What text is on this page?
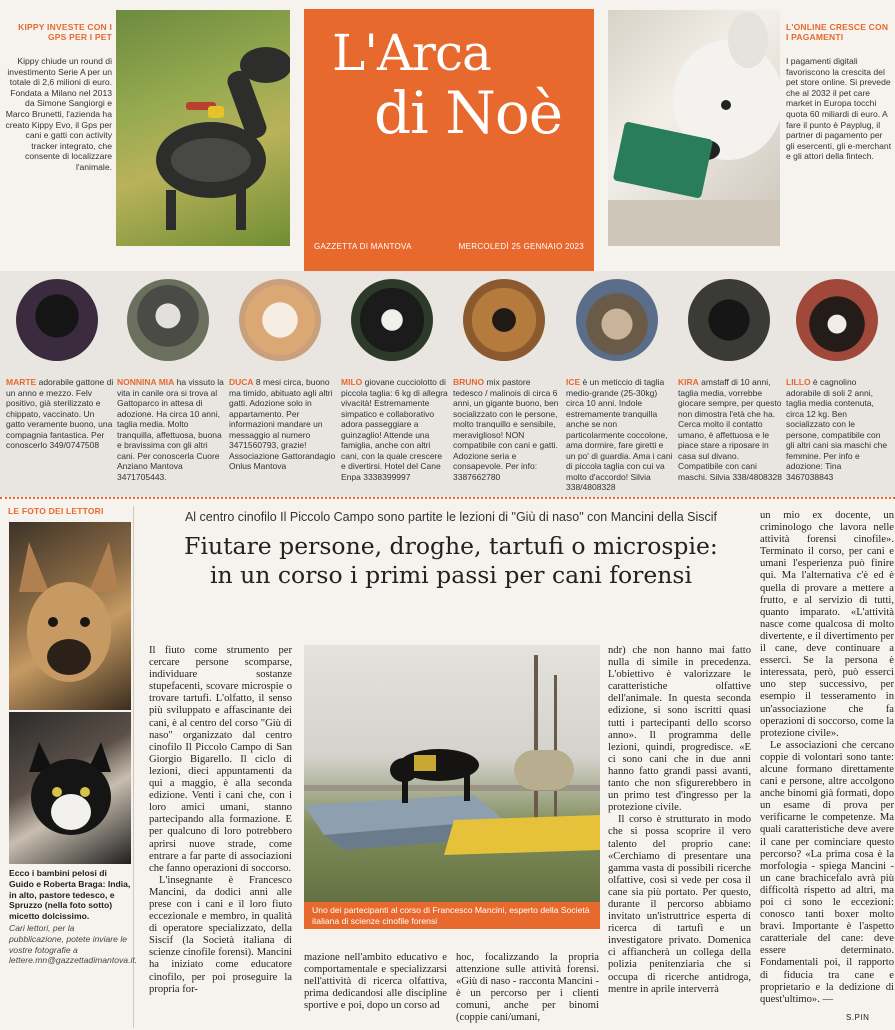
KIPPY INVESTE CON I GPS PER I PET
Kippy chiude un round di investimento Serie A per un totale di 2,6 milioni di euro. Fondata a Milano nel 2013 da Simone Sangiorgi e Marco Brunetti, l'azienda ha creato Kippy Evo, il Gps per cani e gatti con activity tracker integrato, che consente di localizzare l'animale.
L'Arca
di Noè
GAZZETTA DI MANTOVA	MERCOLEDÌ 25 GENNAIO 2023
L'ONLINE CRESCE CON I PAGAMENTI
I pagamenti digitali favoriscono la crescita del pet store online. Si prevede che al 2032 il pet care market in Europa tocchi quota 60 miliardi di euro. A fare il punto è Payplug, il partner di pagamento per gli esercenti, gli e-merchant e gli attori della fintech.
MARTE adorabile gattone di un anno e mezzo. Felv positivo, già sterilizzato e chippato, vaccinato. Un gatto veramente buono, una compagnia fantastica. Per conoscerlo 349/0747508
NONNINA MIA ha vissuto la vita in canile ora si trova al Gattoparco in attesa di adozione. Ha circa 10 anni, taglia media. Molto tranquilla, affettuosa, buona e bravissima con gli altri cani. Per conoscerla Cuore Anziano Mantova 3471705443.
DUCA 8 mesi circa, buono ma timido, abituato agli altri gatti. Adozione solo in appartamento. Per informazioni mandare un messaggio al numero 3471560793, grazie! Associazione Gattorandagio Onlus Mantova
MILO giovane cucciolotto di piccola taglia: 6 kg di allegra vivacità! Estremamente simpatico e collaborativo adora passeggiare a guinzaglio! Attende una famiglia, anche con altri cani, con la quale crescere e divertirsi. Hotel del Cane Enpa 3338399997
BRUNO mix pastore tedesco / malinois di circa 6 anni, un gigante buono, ben socializzato con le persone, molto tranquillo e sensibile, meraviglioso! NON compatibile con cani e gatti. Adozione seria e consapevole. Per info: 3387662780
ICE è un meticcio di taglia medio-grande (25-30kg) circa 10 anni. Indole estremamente tranquilla anche se non particolarmente coccolone, ama dormire, fare giretti e un po' di guardia. Ama i cani di piccola taglia con cui va molto d'accordo! Silvia 338/4808328
KIRA amstaff di 10 anni, taglia media, vorrebbe giocare sempre, per questo non dimostra l'età che ha. Cerca molto il contatto umano, è affettuosa e le piace stare a riposare in casa sul divano. Compatibile con cani maschi. Silvia 338/4808328
LILLO è cagnolino adorabile di soli 2 anni, taglia media contenuta, circa 12 kg. Ben socializzato con le persone, compatibile con gli altri cani sia maschi che femmine. Per info e adozione: Tina 3467038843
LE FOTO DEI LETTORI
Ecco i bambini pelosi di Guido e Roberta Braga: India, in alto, pastore tedesco, e Spruzzo (nella foto sotto) micetto dolcissimo.
Cari lettori, per la pubblicazione, potete inviare le vostre fotografie a lettere.mn@gazzettadimantova.it.
Al centro cinofilo Il Piccolo Campo sono partite le lezioni di "Giù di naso" con Mancini della Siscif
Fiutare persone, droghe, tartufi o microspie:
in un corso i primi passi per cani forensi

Il fiuto come strumento per cercare persone scomparse, individuare sostanze stupefacenti, scovare microspie o trovare tartufi. L'olfatto, il senso più sviluppato e affascinante dei cani, è al centro del corso "Giù di naso" organizzato dal centro cinofilo Il Piccolo Campo di San Giorgio Bigarello. Il ciclo di lezioni, dieci appuntamenti da qui a maggio, è alla seconda edizione. Venti i cani che, con i loro amici umani, stanno partecipando alla formazione. E per qualcuno di loro potrebbero aprirsi nuove strade, come entrare a far parte di associazioni che fanno operazioni di soccorso.

L'insegnante è Francesco Mancini, da dodici anni alle prese con i cani e il loro fiuto eccezionale e membro, in qualità di operatore specializzato, della Siscif (la Società italiana di scienze cinofile forensi). Mancini ha iniziato come educatore cinofilo, per poi proseguire la propria for-

Uno dei partecipanti al corso di Francesco Mancini, esperto della Società italiana di scienze cinofile forensi

mazione nell'ambito educativo e comportamentale e specializzarsi nell'attività di ricerca olfattiva, prima dedicandosi alle discipline sportive e poi, dopo un corso ad

hoc, focalizzando la propria attenzione sulle attività forensi. «Giù di naso - racconta Mancini - è un percorso per i clienti comuni, anche per binomi (coppie cani/umani,

ndr) che non hanno mai fatto nulla di simile in precedenza. L'obiettivo è valorizzare le caratteristiche olfattive dell'animale. In questa seconda edizione, si sono iscritti quasi tutti i partecipanti dello scorso anno». Il programma delle lezioni, quindi, progredisce. «E ci sono cani che in due anni hanno fatto grandi passi avanti, tanto che non sfigurerebbero in un primo test d'ingresso per la protezione civile.

Il corso è strutturato in modo che si possa scoprire il vero talento del proprio cane: «Cerchiamo di presentare una gamma vasta di possibili ricerche olfattive, così si vede per cosa il cane sia più portato. Per questo, durante il percorso abbiamo invitato un'istruttrice esperta di ricerca di tartufi e un investigatore privato. Domenica ci affiancherà un collega della polizia penitenziaria che si occupa di ricerche antidroga, mentre in aprile interverrà

un mio ex docente, un criminologo che lavora nelle attività forensi cinofile». Terminato il corso, per cani e umani l'esperienza può finire qui. Ma l'alternativa c'è ed è quella di provare a mettere a frutto, e al servizio di tutti, quanto imparato. «L'attività nasce come qualcosa di molto divertente, e il divertimento per il cane, deve continuare a esserci. Se la persona è interessata, però, può esserci uno step successivo, per esempio il tesseramento in un'associazione che fa operazioni di soccorso, come la protezione civile».

Le associazioni che cercano coppie di volontari sono tante: alcune formano direttamente cani e persone, altre accolgono anche binomi già formati, dopo un esame di prova per verificarne le competenze. Ma quali caratteristiche deve avere il cane per cominciare questo percorso? «La prima cosa è la morfologia - spiega Mancini - un cane brachicefalo avrà più difficoltà rispetto ad altri, ma poi ci sono le eccezioni: conosco tanti boxer molto bravi. Importante è l'aspetto caratteriale del cane: deve essere determinato. Fondamentali poi, il rapporto di fiducia tra cane e proprietario e la dedizione di quest'ultimo». —

S.PIN
